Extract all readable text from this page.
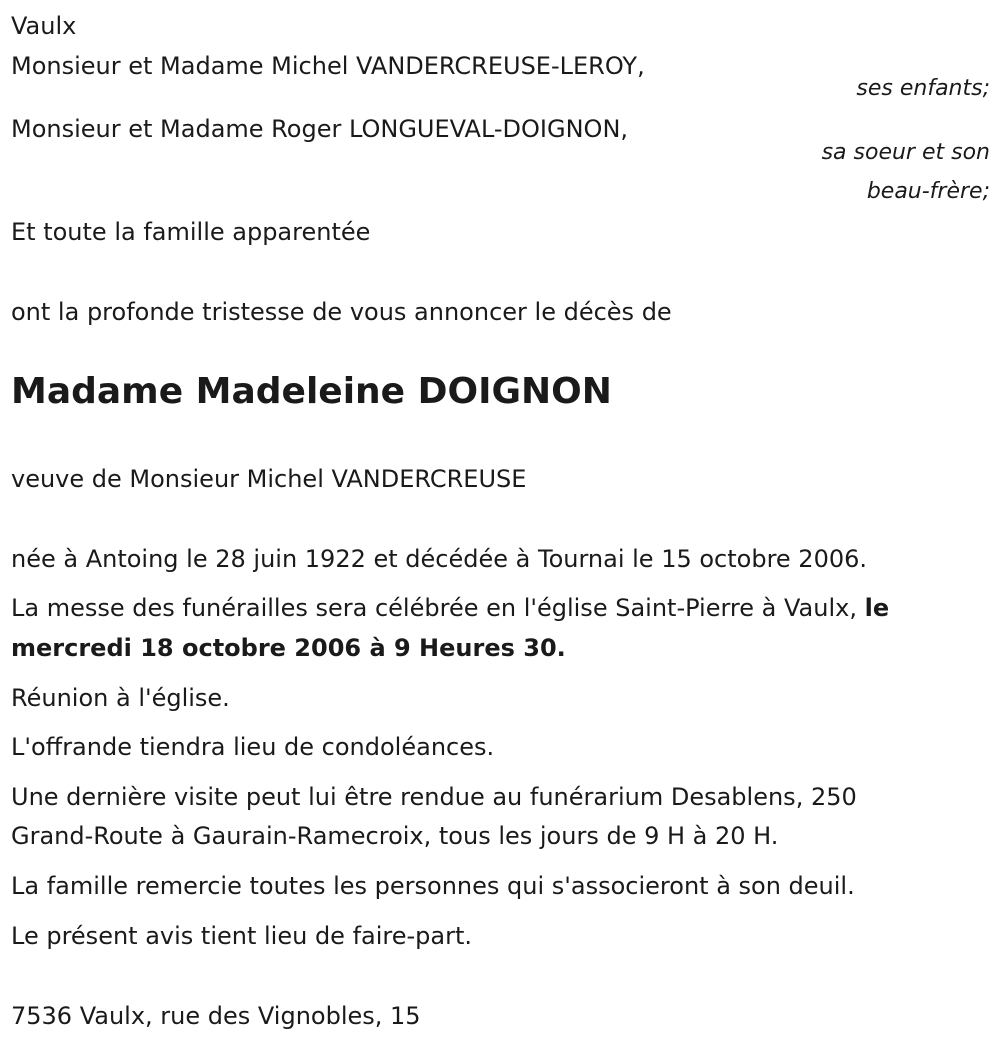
Vaulx
Monsieur et Madame Michel VANDERCREUSE-LEROY,
ses enfants;
Monsieur et Madame Roger LONGUEVAL-DOIGNON,
sa soeur et son
beau-frère;
Et toute la famille apparentée
ont la profonde tristesse de vous annoncer le décès de
Madame Madeleine DOIGNON
veuve de Monsieur Michel VANDERCREUSE
née à Antoing le 28 juin 1922 et décédée à Tournai le 15 octobre 2006.
La messe des funérailles sera célébrée en l'église Saint-Pierre à Vaulx, le
mercredi 18 octobre 2006 à 9 Heures 30.
Réunion à l'église.
L'offrande tiendra lieu de condoléances.
Une dernière visite peut lui être rendue au funérarium Desablens, 250
Grand-Route à Gaurain-Ramecroix, tous les jours de 9 H à 20 H.
La famille remercie toutes les personnes qui s'associeront à son deuil.
Le présent avis tient lieu de faire-part.
7536 Vaulx, rue des Vignobles, 15
